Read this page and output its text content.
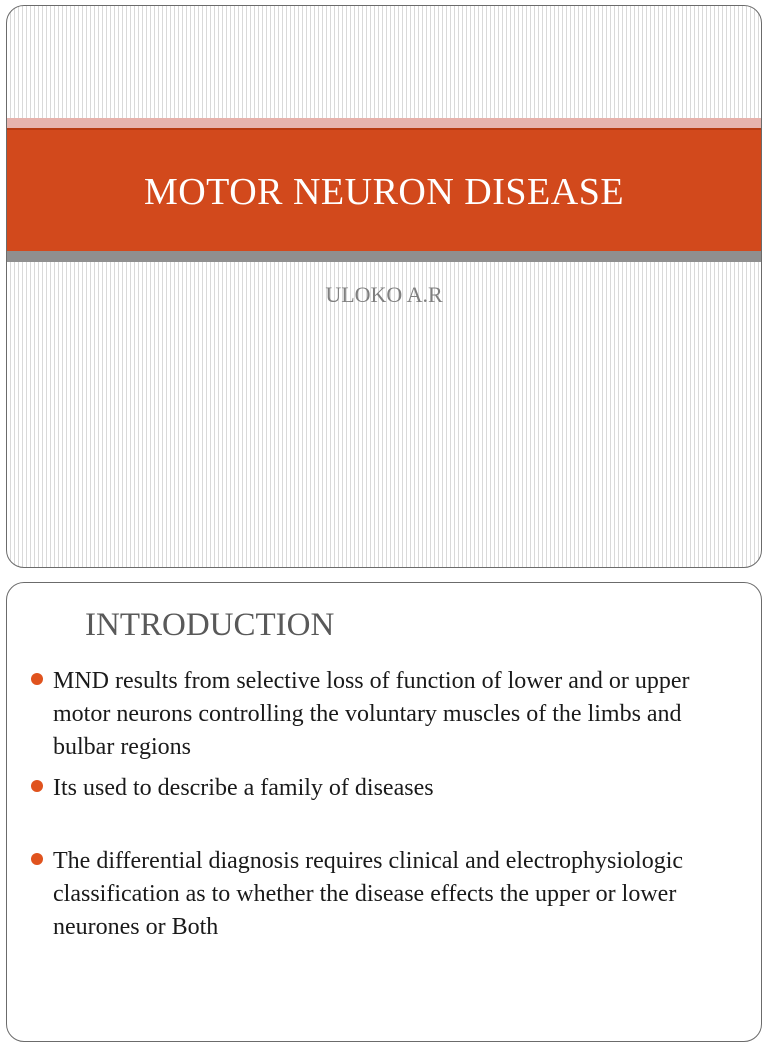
MOTOR NEURON DISEASE
ULOKO A.R
INTRODUCTION
MND results from selective loss of function of lower and or upper motor neurons controlling the voluntary muscles of the limbs and bulbar regions
Its used to describe a family of diseases
The differential diagnosis requires clinical and electrophysiologic classification as to whether the disease effects the upper or lower neurones or Both
